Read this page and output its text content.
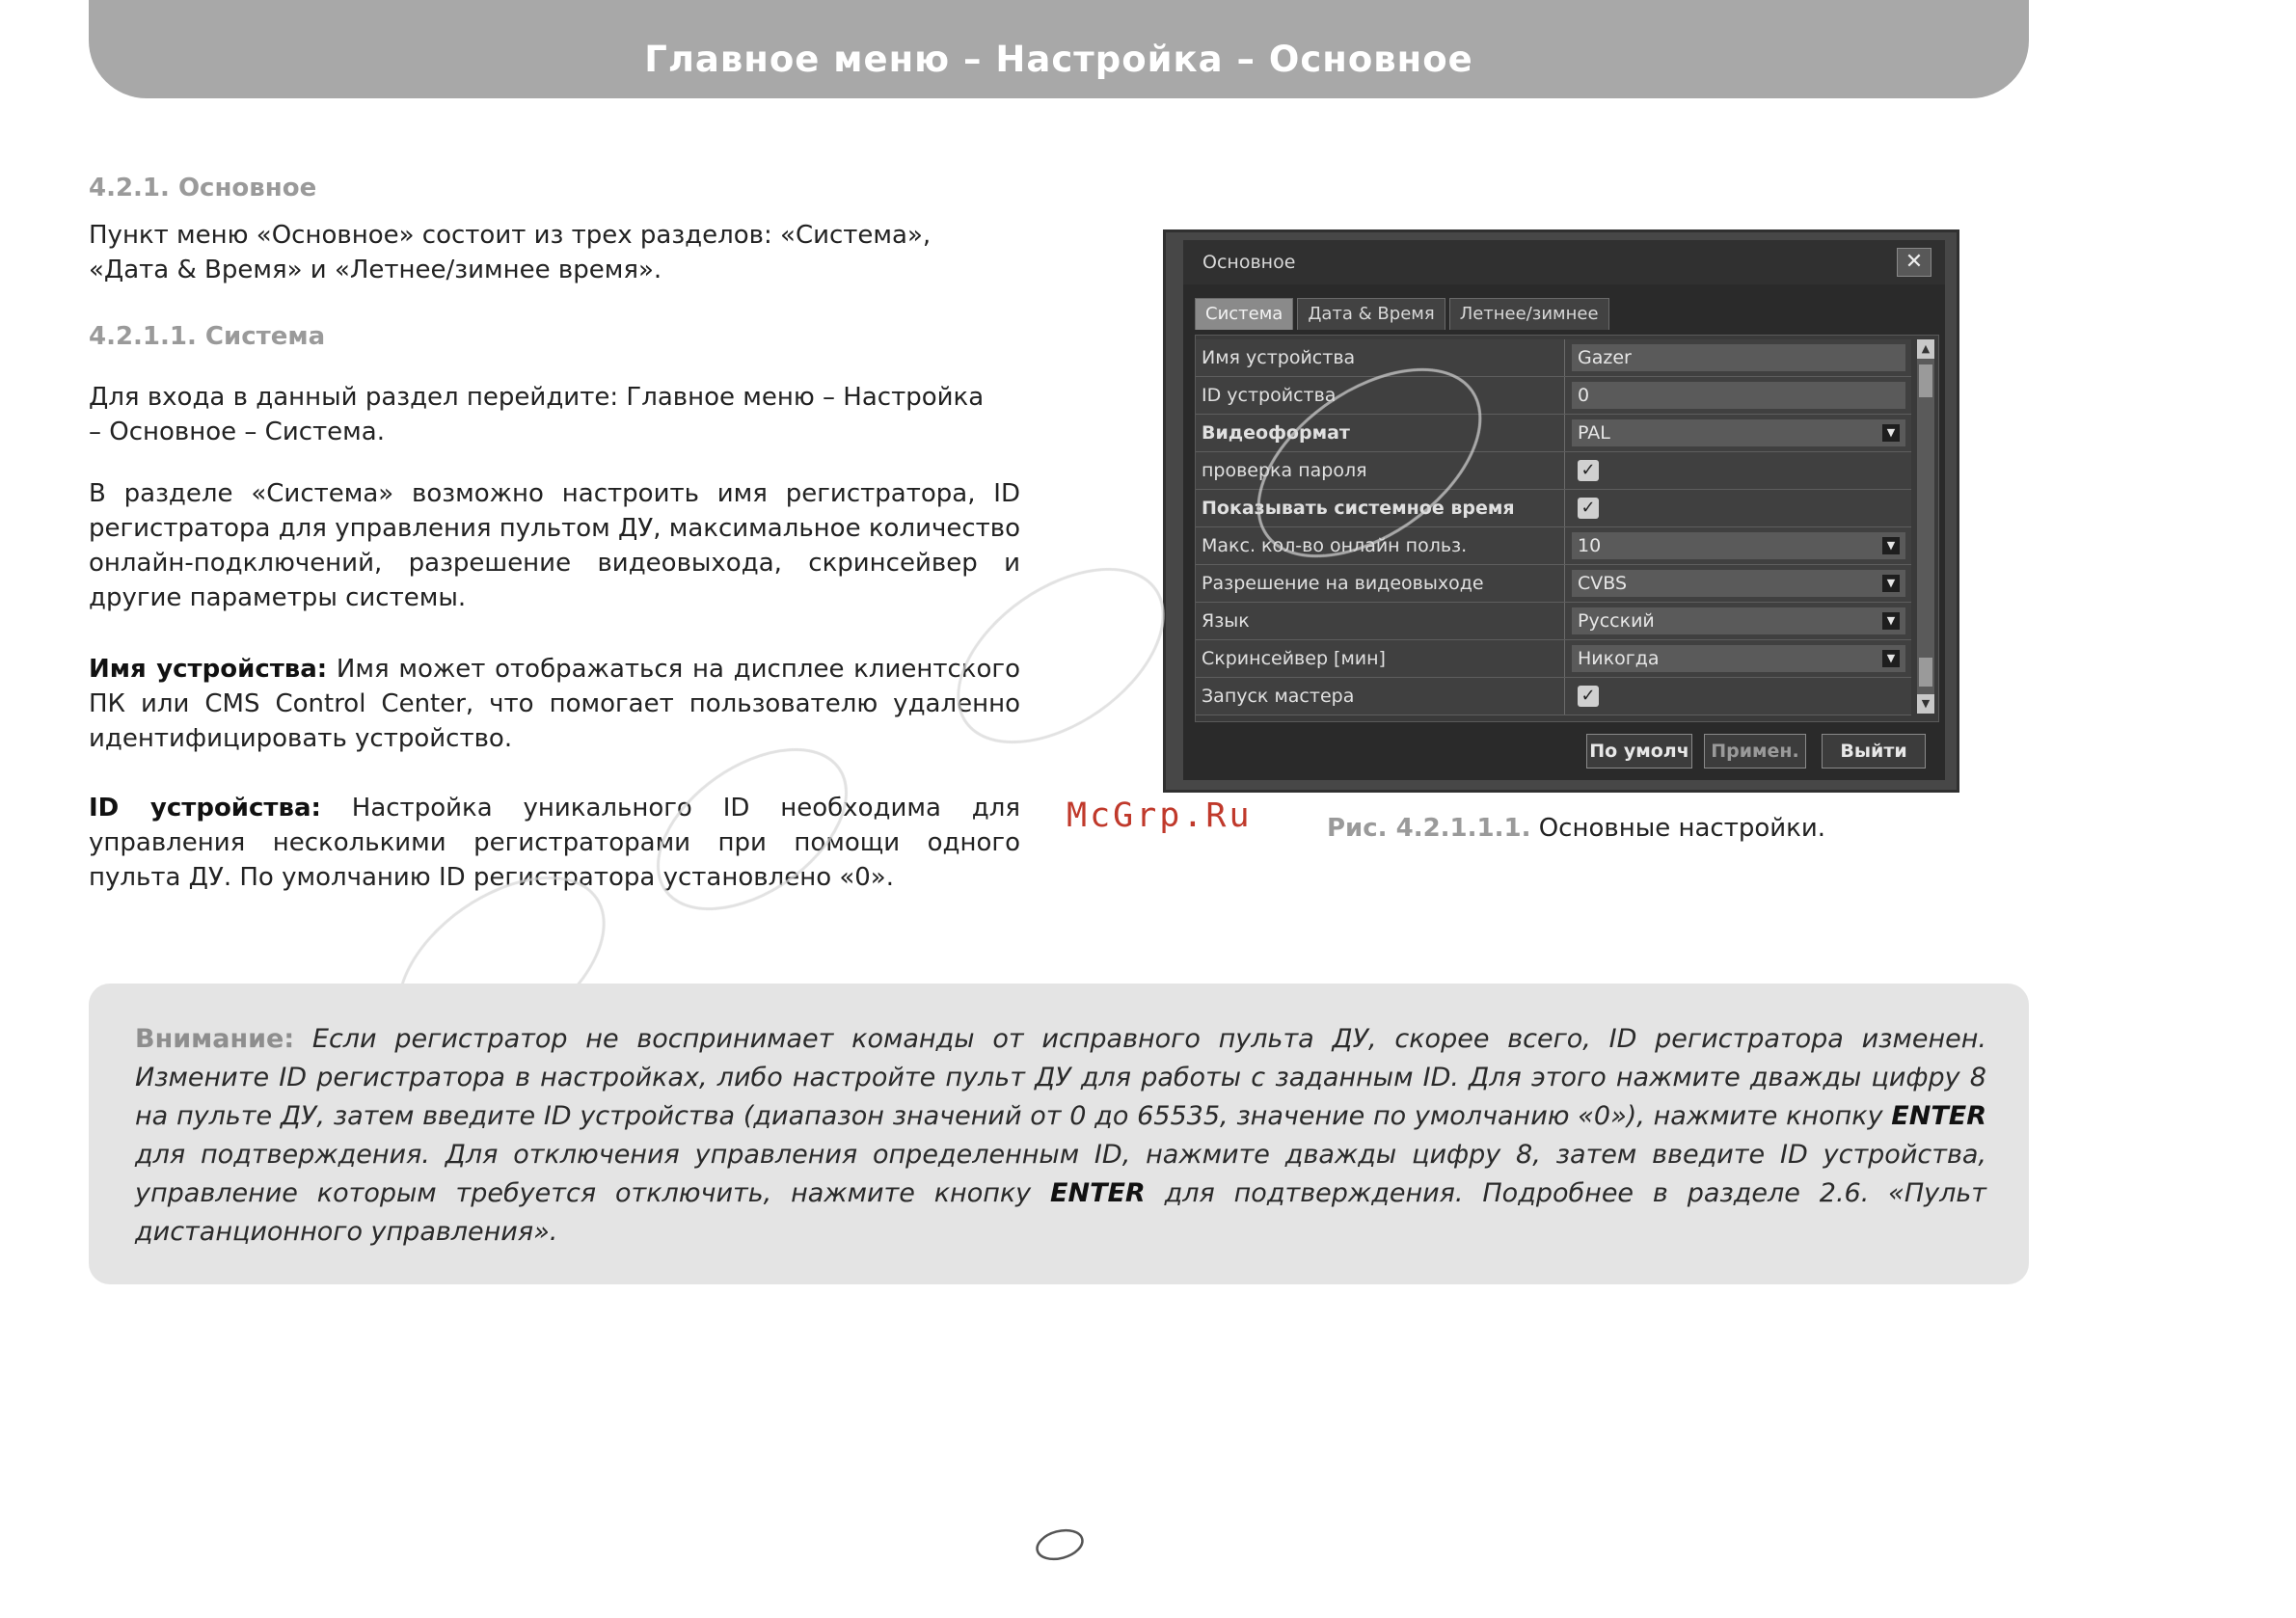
Главное меню – Настройка – Основное
4.2.1. Основное

Пункт меню «Основное» состоит из трех разделов: «Система»,
«Дата & Время» и «Летнее/зимнее время».

4.2.1.1. Система

Для входа в данный раздел перейдите: Главное меню – Настройка – Основное – Система.

В разделе «Система» возможно настроить имя регистратора, ID регистратора для управления пультом ДУ, максимальное количество онлайн-подключений, разрешение видеовыхода, скринсейвер и другие параметры системы.

Имя устройства: Имя может отображаться на дисплее клиентского ПК или CMS Control Center, что помогает пользователю удаленно идентифицировать устройство.

ID устройства: Настройка уникального ID необходима для управления несколькими регистраторами при помощи одного пульта ДУ. По умолчанию ID регистратора установлено «0».

Основное	✕
Система	Дата & Время	Летнее/зимнее
Имя устройства	Gazer
ID устройства	0
Видеоформат	PAL	▼
проверка пароля	✓
Показывать системное время	✓
Макс. кол-во онлайн польз.	10	▼
Разрешение на видеовыходе	CVBS	▼
Язык	Русский	▼
Скринсейвер [мин]	Никогда	▼
Запуск мастера	✓
▲
▼
По умолч	Примен.	Выйти
McGrp.Ru	Рис. 4.2.1.1.1. Основные настройки.

Внимание: Если регистратор не воспринимает команды от исправного пульта ДУ, скорее всего, ID регистратора изменен. Измените ID регистратора в настройках, либо настройте пульт ДУ для работы с заданным ID. Для этого нажмите дважды цифру 8 на пульте ДУ, затем введите ID устройства (диапазон значений от 0 до 65535, значение по умолчанию «0»), нажмите кнопку ENTER для подтверждения. Для отключения управления определенным ID, нажмите дважды цифру 8, затем введите ID устройства, управление которым требуется отключить, нажмите кнопку ENTER для подтверждения. Подробнее в разделе 2.6. «Пульт дистанционного управления».
